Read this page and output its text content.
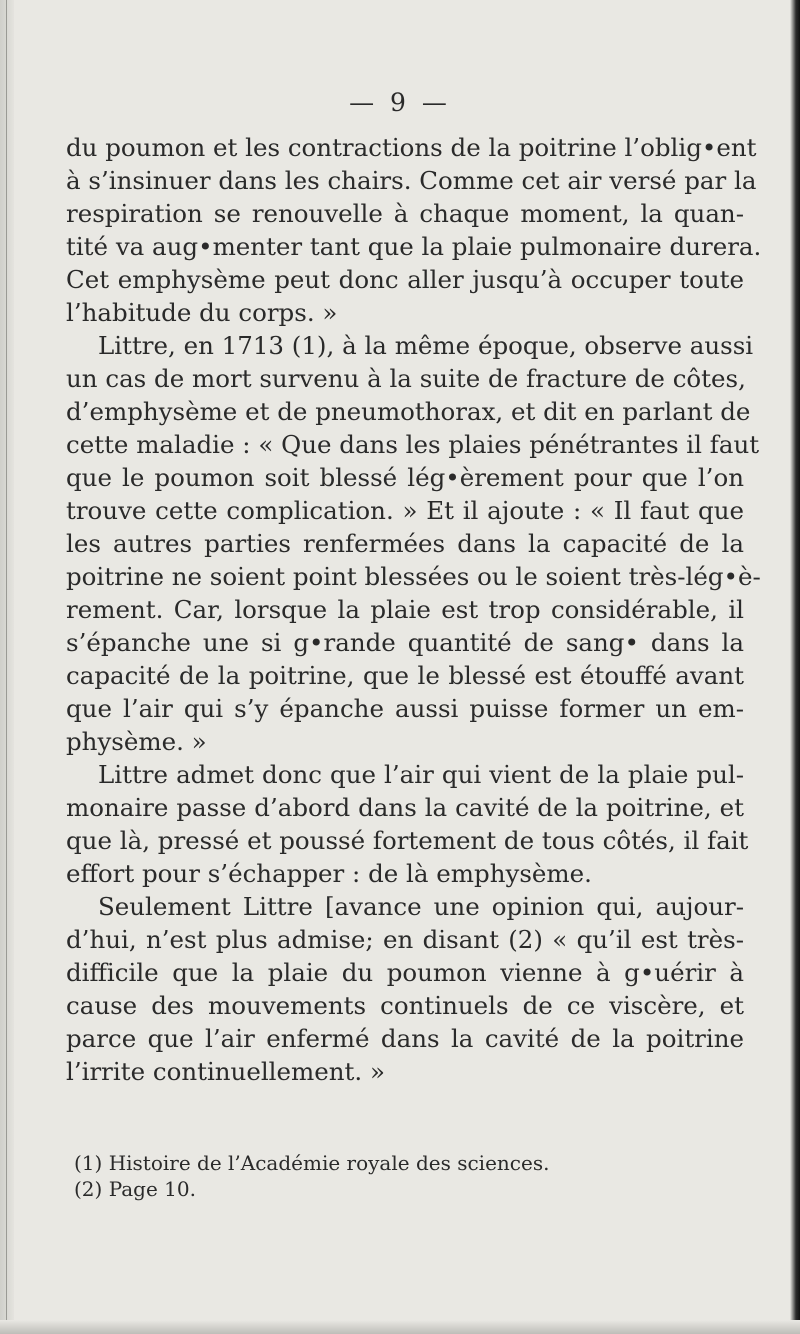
— 9 —
du poumon et les contractions de la poitrine l’oblig•ent
à s’insinuer dans les chairs. Comme cet air versé par la
respiration se renouvelle à chaque moment, la quan-
tité va aug•menter tant que la plaie pulmonaire durera.
Cet emphysème peut donc aller jusqu’à occuper toute
l’habitude du corps. »
Littre, en 1713 (1), à la même époque, observe aussi
un cas de mort survenu à la suite de fracture de côtes,
d’emphysème et de pneumothorax, et dit en parlant de
cette maladie : « Que dans les plaies pénétrantes il faut
que le poumon soit blessé lég•èrement pour que l’on
trouve cette complication. » Et il ajoute : « Il faut que
les autres parties renfermées dans la capacité de la
poitrine ne soient point blessées ou le soient très-lég•è-
rement. Car, lorsque la plaie est trop considérable, il
s’épanche une si g•rande quantité de sang• dans la
capacité de la poitrine, que le blessé est étouffé avant
que l’air qui s’y épanche aussi puisse former un em-
physème. »
Littre admet donc que l’air qui vient de la plaie pul-
monaire passe d’abord dans la cavité de la poitrine, et
que là, pressé et poussé fortement de tous côtés, il fait
effort pour s’échapper : de là emphysème.
Seulement Littre [avance une opinion qui, aujour-
d’hui, n’est plus admise; en disant (2) « qu’il est très-
difficile que la plaie du poumon vienne à g•uérir à
cause des mouvements continuels de ce viscère, et
parce que l’air enfermé dans la cavité de la poitrine
l’irrite continuellement. »
(1) Histoire de l’Académie royale des sciences.
(2) Page 10.
